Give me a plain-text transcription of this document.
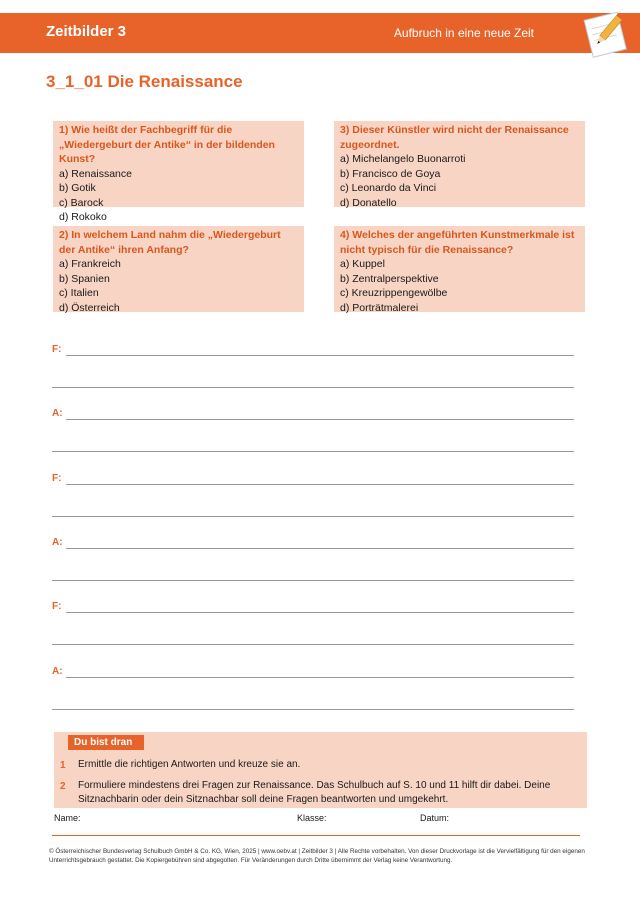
Zeitbilder 3	Aufbruch in eine neue Zeit
3_1_01 Die Renaissance
1) Wie heißt der Fachbegriff für die „Wiedergeburt der Antike“ in der bildenden Kunst?
a) Renaissance
b) Gotik
c) Barock
d) Rokoko
2) In welchem Land nahm die „Wiedergeburt der Antike“ ihren Anfang?
a) Frankreich
b) Spanien
c) Italien
d) Österreich
3) Dieser Künstler wird nicht der Renaissance zugeordnet.
a) Michelangelo Buonarroti
b) Francisco de Goya
c) Leonardo da Vinci
d) Donatello
4) Welches der angeführten Kunstmerkmale ist nicht typisch für die Renaissance?
a) Kuppel
b) Zentralperspektive
c) Kreuzrippengewölbe
d) Porträtmalerei
F:
A:
F:
A:
F:
A:
Du bist dran
1 Ermittle die richtigen Antworten und kreuze sie an.
2 Formuliere mindestens drei Fragen zur Renaissance. Das Schulbuch auf S. 10 und 11 hilft dir dabei. Deine Sitznachbarin oder dein Sitznachbar soll deine Fragen beantworten und umgekehrt.
Name:	Klasse:	Datum:
© Österreichischer Bundesverlag Schulbuch GmbH & Co. KG, Wien, 2025 | www.oebv.at | Zeitbilder 3 | Alle Rechte vorbehalten. Von dieser Druckvorlage ist die Vervielfältigung für den eigenen Unterrichtsgebrauch gestattet. Die Kopiergebühren sind abgegolten. Für Veränderungen durch Dritte übernimmt der Verlag keine Verantwortung.
